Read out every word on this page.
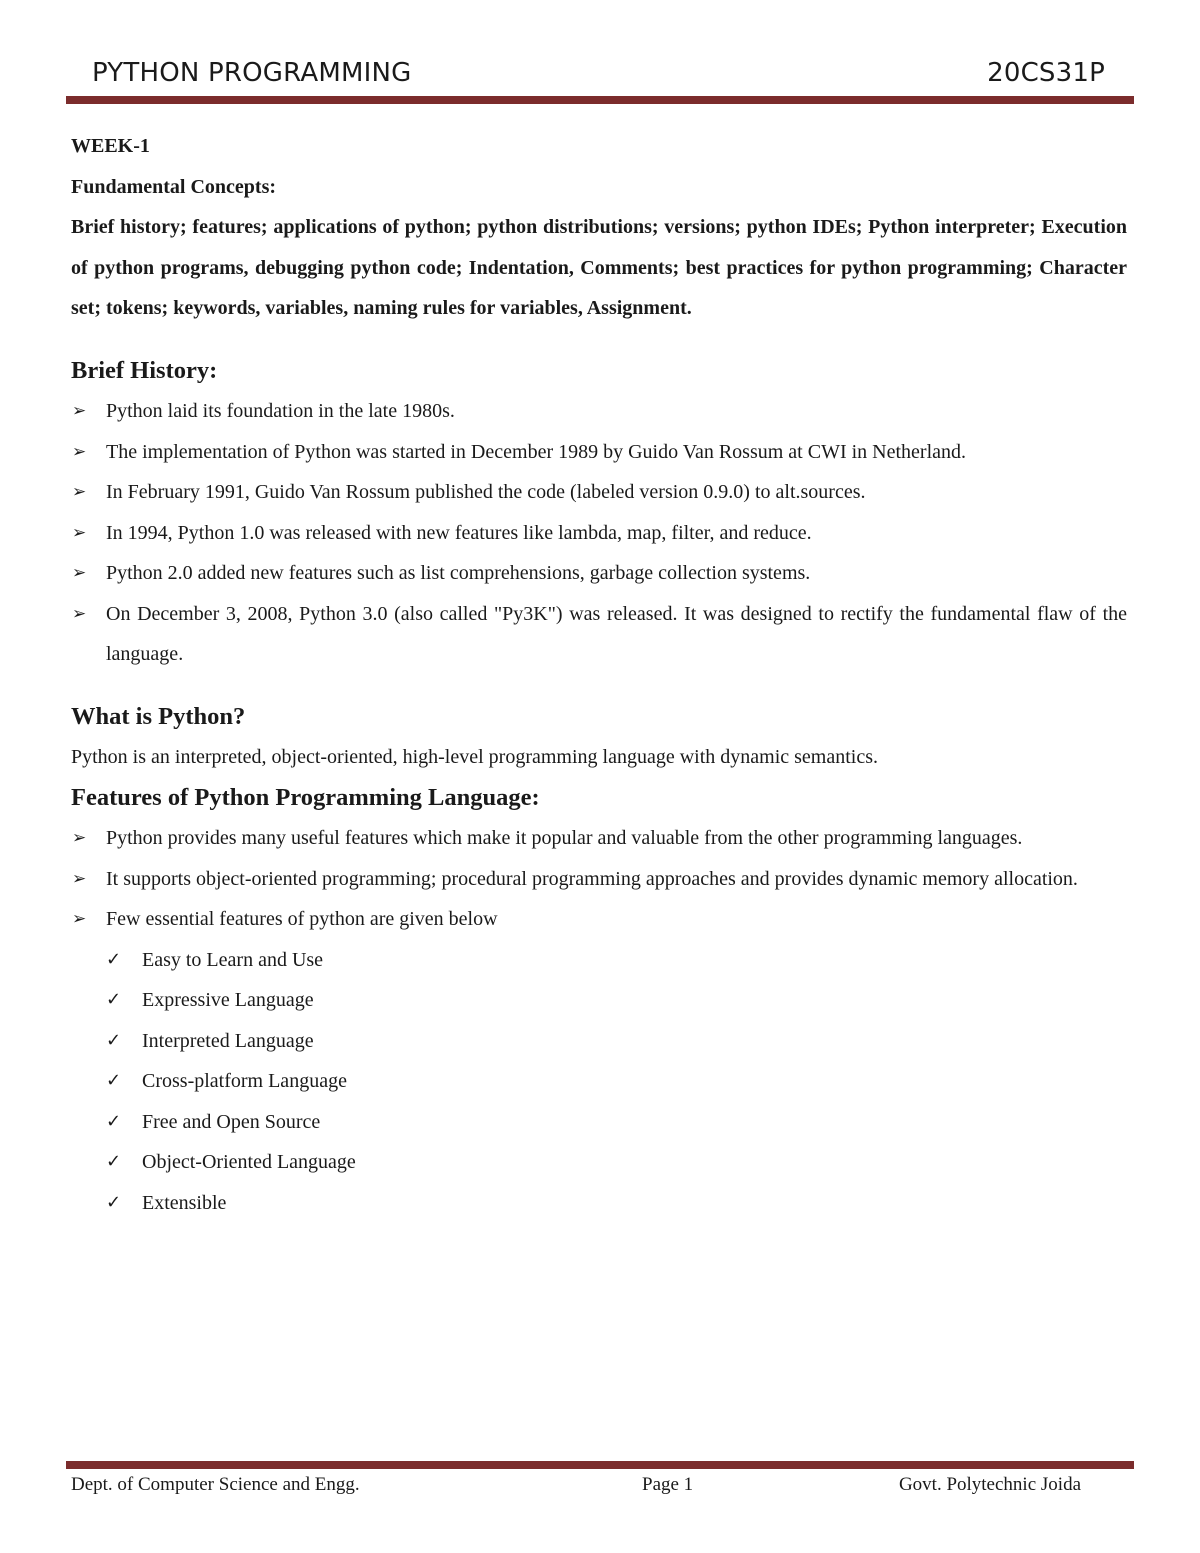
PYTHON PROGRAMMING	20CS31P

WEEK-1

Fundamental Concepts:

Brief history; features; applications of python; python distributions; versions; python IDEs; Python interpreter; Execution of python programs, debugging python code; Indentation, Comments; best practices for python programming; Character set; tokens; keywords, variables, naming rules for variables, Assignment.

Brief History:
➢ Python laid its foundation in the late 1980s.
➢ The implementation of Python was started in December 1989 by Guido Van Rossum at CWI in Netherland.
➢ In February 1991, Guido Van Rossum published the code (labeled version 0.9.0) to alt.sources.
➢ In 1994, Python 1.0 was released with new features like lambda, map, filter, and reduce.
➢ Python 2.0 added new features such as list comprehensions, garbage collection systems.
➢ On December 3, 2008, Python 3.0 (also called "Py3K") was released. It was designed to rectify the fundamental flaw of the language.
What is Python?

Python is an interpreted, object-oriented, high-level programming language with dynamic semantics.

Features of Python Programming Language:
➢ Python provides many useful features which make it popular and valuable from the other programming languages.
➢ It supports object-oriented programming; procedural programming approaches and provides dynamic memory allocation.
➢ Few essential features of python are given below
✓ Easy to Learn and Use
✓ Expressive Language
✓ Interpreted Language
✓ Cross-platform Language
✓ Free and Open Source
✓ Object-Oriented Language
✓ Extensible
Dept. of Computer Science and Engg.	Page 1	Govt. Polytechnic Joida
